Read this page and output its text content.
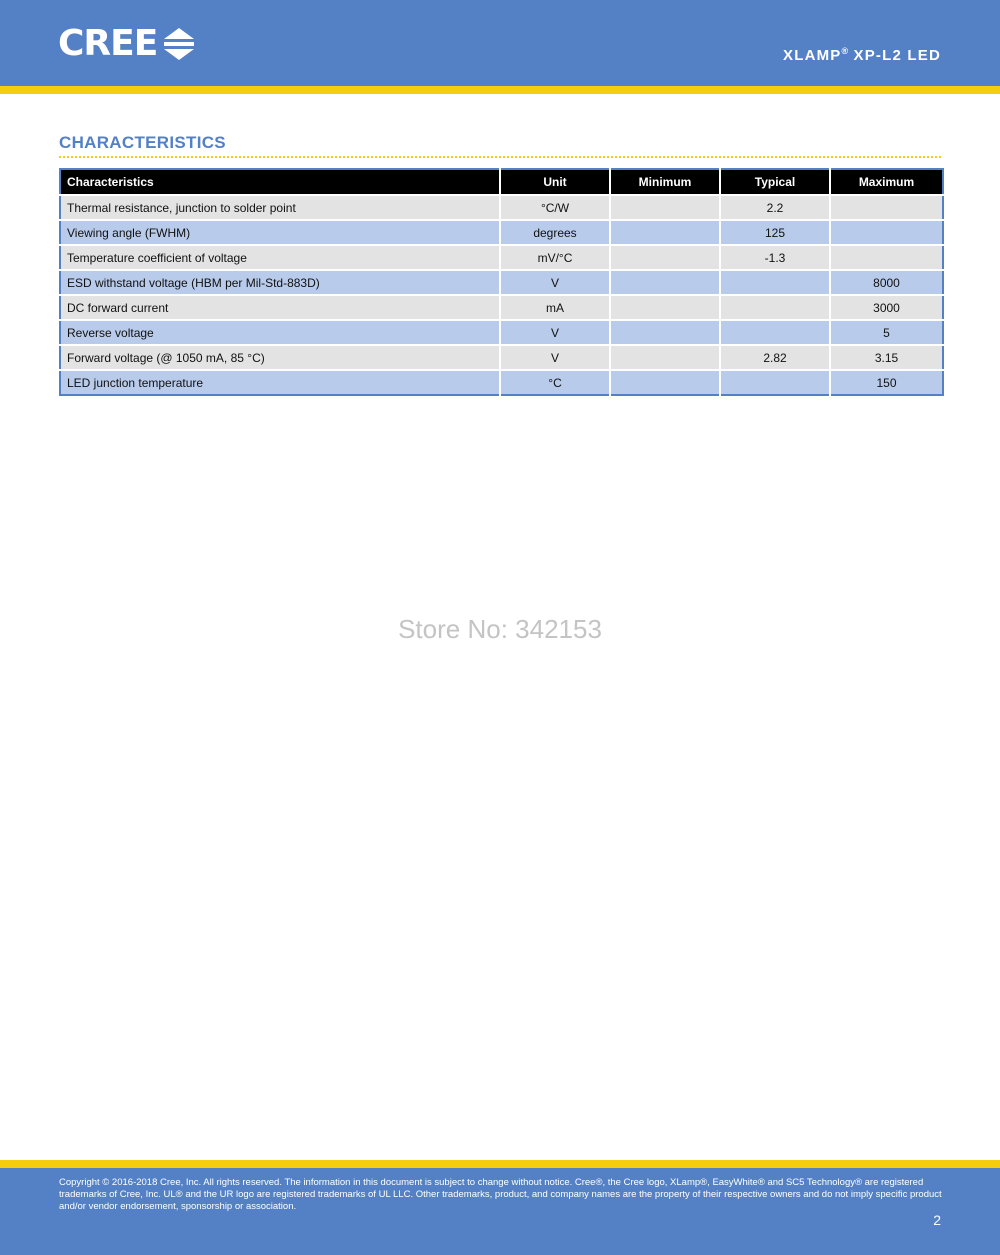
CREE	XLAMP® XP-L2 LED
CHARACTERISTICS
Characteristics	Unit	Minimum	Typical	Maximum
Thermal resistance, junction to solder point	°C/W		2.2	
Viewing angle (FWHM)	degrees		125	
Temperature coefficient of voltage	mV/°C		-1.3	
ESD withstand voltage (HBM per Mil-Std-883D)	V			8000
DC forward current	mA			3000
Reverse voltage	V			5
Forward voltage (@ 1050 mA, 85 °C)	V		2.82	3.15
LED junction temperature	°C			150
Store No: 342153
Copyright © 2016-2018 Cree, Inc. All rights reserved. The information in this document is subject to change without notice. Cree®, the Cree logo, XLamp®, EasyWhite® and SC5 Technology® are registered trademarks of Cree, Inc. UL® and the UR logo are registered trademarks of UL LLC. Other trademarks, product, and company names are the property of their respective owners and do not imply specific product and/or vendor endorsement, sponsorship or association.
2
